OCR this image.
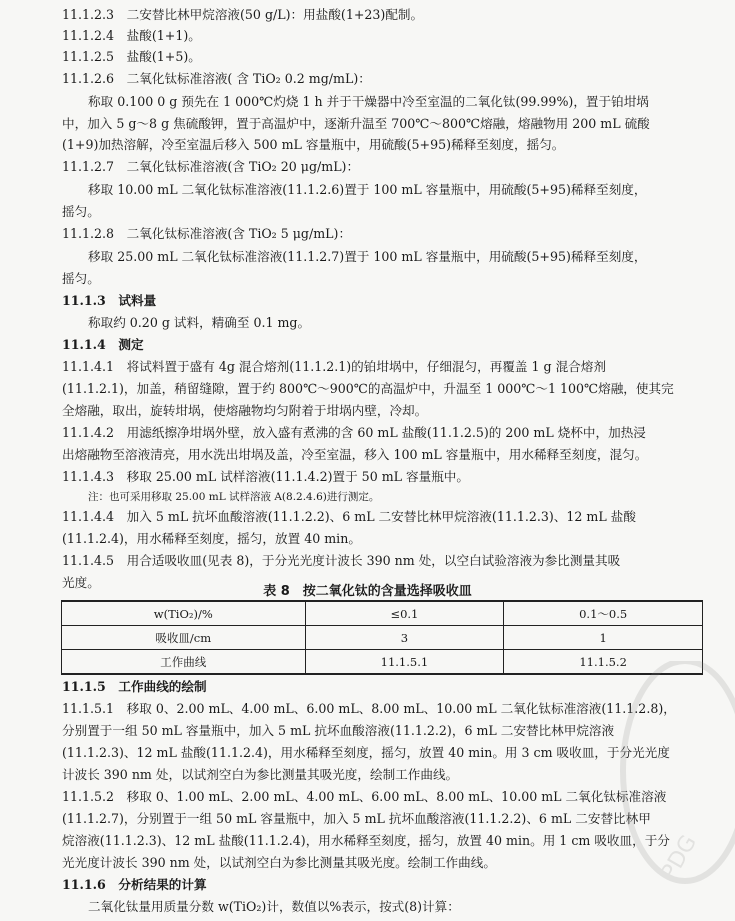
11.1.2.3　二安替比林甲烷溶液(50 g/L)：用盐酸(1+23)配制。
11.1.2.4　盐酸(1+1)。
11.1.2.5　盐酸(1+5)。
11.1.2.6　二氧化钛标准溶液( 含 TiO₂ 0.2 mg/mL)：
称取 0.100 0 g 预先在 1 000℃灼烧 1 h 并于干燥器中冷至室温的二氧化钛(99.99%)，置于铂坩埚
中，加入 5 g～8 g 焦硫酸钾，置于高温炉中，逐渐升温至 700℃～800℃熔融，熔融物用 200 mL 硫酸
(1+9)加热溶解，冷至室温后移入 500 mL 容量瓶中，用硫酸(5+95)稀释至刻度，摇匀。
11.1.2.7　二氧化钛标准溶液(含 TiO₂ 20 μg/mL)：
移取 10.00 mL 二氧化钛标准溶液(11.1.2.6)置于 100 mL 容量瓶中，用硫酸(5+95)稀释至刻度，
摇匀。
11.1.2.8　二氧化钛标准溶液(含 TiO₂ 5 μg/mL)：
移取 25.00 mL 二氧化钛标准溶液(11.1.2.7)置于 100 mL 容量瓶中，用硫酸(5+95)稀释至刻度，
摇匀。
11.1.3　试料量
称取约 0.20 g 试料，精确至 0.1 mg。
11.1.4　测定
11.1.4.1　将试料置于盛有 4g 混合熔剂(11.1.2.1)的铂坩埚中，仔细混匀，再覆盖 1 g 混合熔剂
(11.1.2.1)，加盖，稍留缝隙，置于约 800℃～900℃的高温炉中，升温至 1 000℃～1 100℃熔融，使其完
全熔融，取出，旋转坩埚，使熔融物均匀附着于坩埚内壁，冷却。
11.1.4.2　用滤纸擦净坩埚外壁，放入盛有煮沸的含 60 mL 盐酸(11.1.2.5)的 200 mL 烧杯中，加热浸
出熔融物至溶液清亮，用水洗出坩埚及盖，冷至室温，移入 100 mL 容量瓶中，用水稀释至刻度，混匀。
11.1.4.3　移取 25.00 mL 试样溶液(11.1.4.2)置于 50 mL 容量瓶中。
注：也可采用移取 25.00 mL 试样溶液 A(8.2.4.6)进行测定。
11.1.4.4　加入 5 mL 抗坏血酸溶液(11.1.2.2)、6 mL 二安替比林甲烷溶液(11.1.2.3)、12 mL 盐酸
(11.1.2.4)，用水稀释至刻度，摇匀，放置 40 min。
11.1.4.5　用合适吸收皿(见表 8)，于分光光度计波长 390 nm 处，以空白试验溶液为参比测量其吸
光度。
表 8　按二氧化钛的含量选择吸收皿
w(TiO₂)/%	≤0.1	0.1～0.5
吸收皿/cm	3	1
工作曲线	11.1.5.1	11.1.5.2
11.1.5　工作曲线的绘制
11.1.5.1　移取 0、2.00 mL、4.00 mL、6.00 mL、8.00 mL、10.00 mL 二氧化钛标准溶液(11.1.2.8)，
分别置于一组 50 mL 容量瓶中，加入 5 mL 抗坏血酸溶液(11.1.2.2)，6 mL 二安替比林甲烷溶液
(11.1.2.3)、12 mL 盐酸(11.1.2.4)，用水稀释至刻度，摇匀，放置 40 min。用 3 cm 吸收皿，于分光光度
计波长 390 nm 处，以试剂空白为参比测量其吸光度，绘制工作曲线。
11.1.5.2　移取 0、1.00 mL、2.00 mL、4.00 mL、6.00 mL、8.00 mL、10.00 mL 二氧化钛标准溶液
(11.1.2.7)，分别置于一组 50 mL 容量瓶中，加入 5 mL 抗坏血酸溶液(11.1.2.2)、6 mL 二安替比林甲
烷溶液(11.1.2.3)、12 mL 盐酸(11.1.2.4)，用水稀释至刻度，摇匀，放置 40 min。用 1 cm 吸收皿，于分
光光度计波长 390 nm 处，以试剂空白为参比测量其吸光度。绘制工作曲线。
11.1.6　分析结果的计算
二氧化钛量用质量分数 w(TiO₂)计，数值以%表示，按式(8)计算：
PDG
